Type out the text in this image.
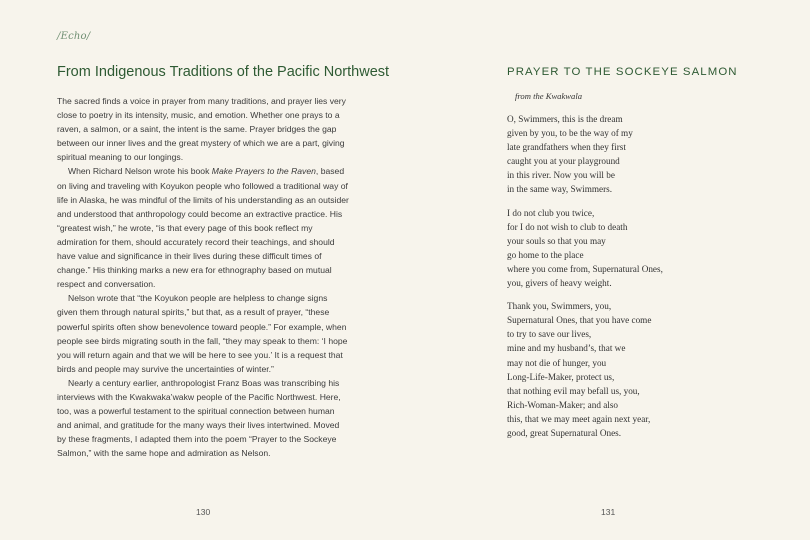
/Echo/
From Indigenous Traditions of the Pacific Northwest

The sacred finds a voice in prayer from many traditions, and prayer lies very close to poetry in its intensity, music, and emotion. Whether one prays to a raven, a salmon, or a saint, the intent is the same. Prayer bridges the gap between our inner lives and the great mystery of which we are a part, giving spiritual meaning to our longings.

When Richard Nelson wrote his book Make Prayers to the Raven, based on living and traveling with Koyukon people who followed a traditional way of life in Alaska, he was mindful of the limits of his understanding as an outsider and understood that anthropology could become an extractive practice. His “greatest wish,” he wrote, “is that every page of this book reflect my admiration for them, should accurately record their teachings, and should have value and significance in their lives during these difficult times of change.” His thinking marks a new era for ethnography based on mutual respect and conversation.

Nelson wrote that “the Koyukon people are helpless to change signs given them through natural spirits,” but that, as a result of prayer, “these powerful spirits often show benevolence toward people.” For example, when people see birds migrating south in the fall, “they may speak to them: ‘I hope you will return again and that we will be here to see you.’ It is a request that birds and people may survive the uncertainties of winter.”

Nearly a century earlier, anthropologist Franz Boas was transcribing his interviews with the Kwakwaka’wakw people of the Pacific Northwest. Here, too, was a powerful testament to the spiritual connection between human and animal, and gratitude for the many ways their lives intertwined. Moved by these fragments, I adapted them into the poem “Prayer to the Sockeye Salmon,” with the same hope and admiration as Nelson.

130
PRAYER TO THE SOCKEYE SALMON
from the Kwakwala
O, Swimmers, this is the dream
given by you, to be the way of my
late grandfathers when they first
caught you at your playground
in this river. Now you will be
in the same way, Swimmers.
I do not club you twice,
for I do not wish to club to death
your souls so that you may
go home to the place
where you come from, Supernatural Ones,
you, givers of heavy weight.
Thank you, Swimmers, you,
Supernatural Ones, that you have come
to try to save our lives,
mine and my husband’s, that we
may not die of hunger, you
Long-Life-Maker, protect us,
that nothing evil may befall us, you,
Rich-Woman-Maker; and also
this, that we may meet again next year,
good, great Supernatural Ones.
131
